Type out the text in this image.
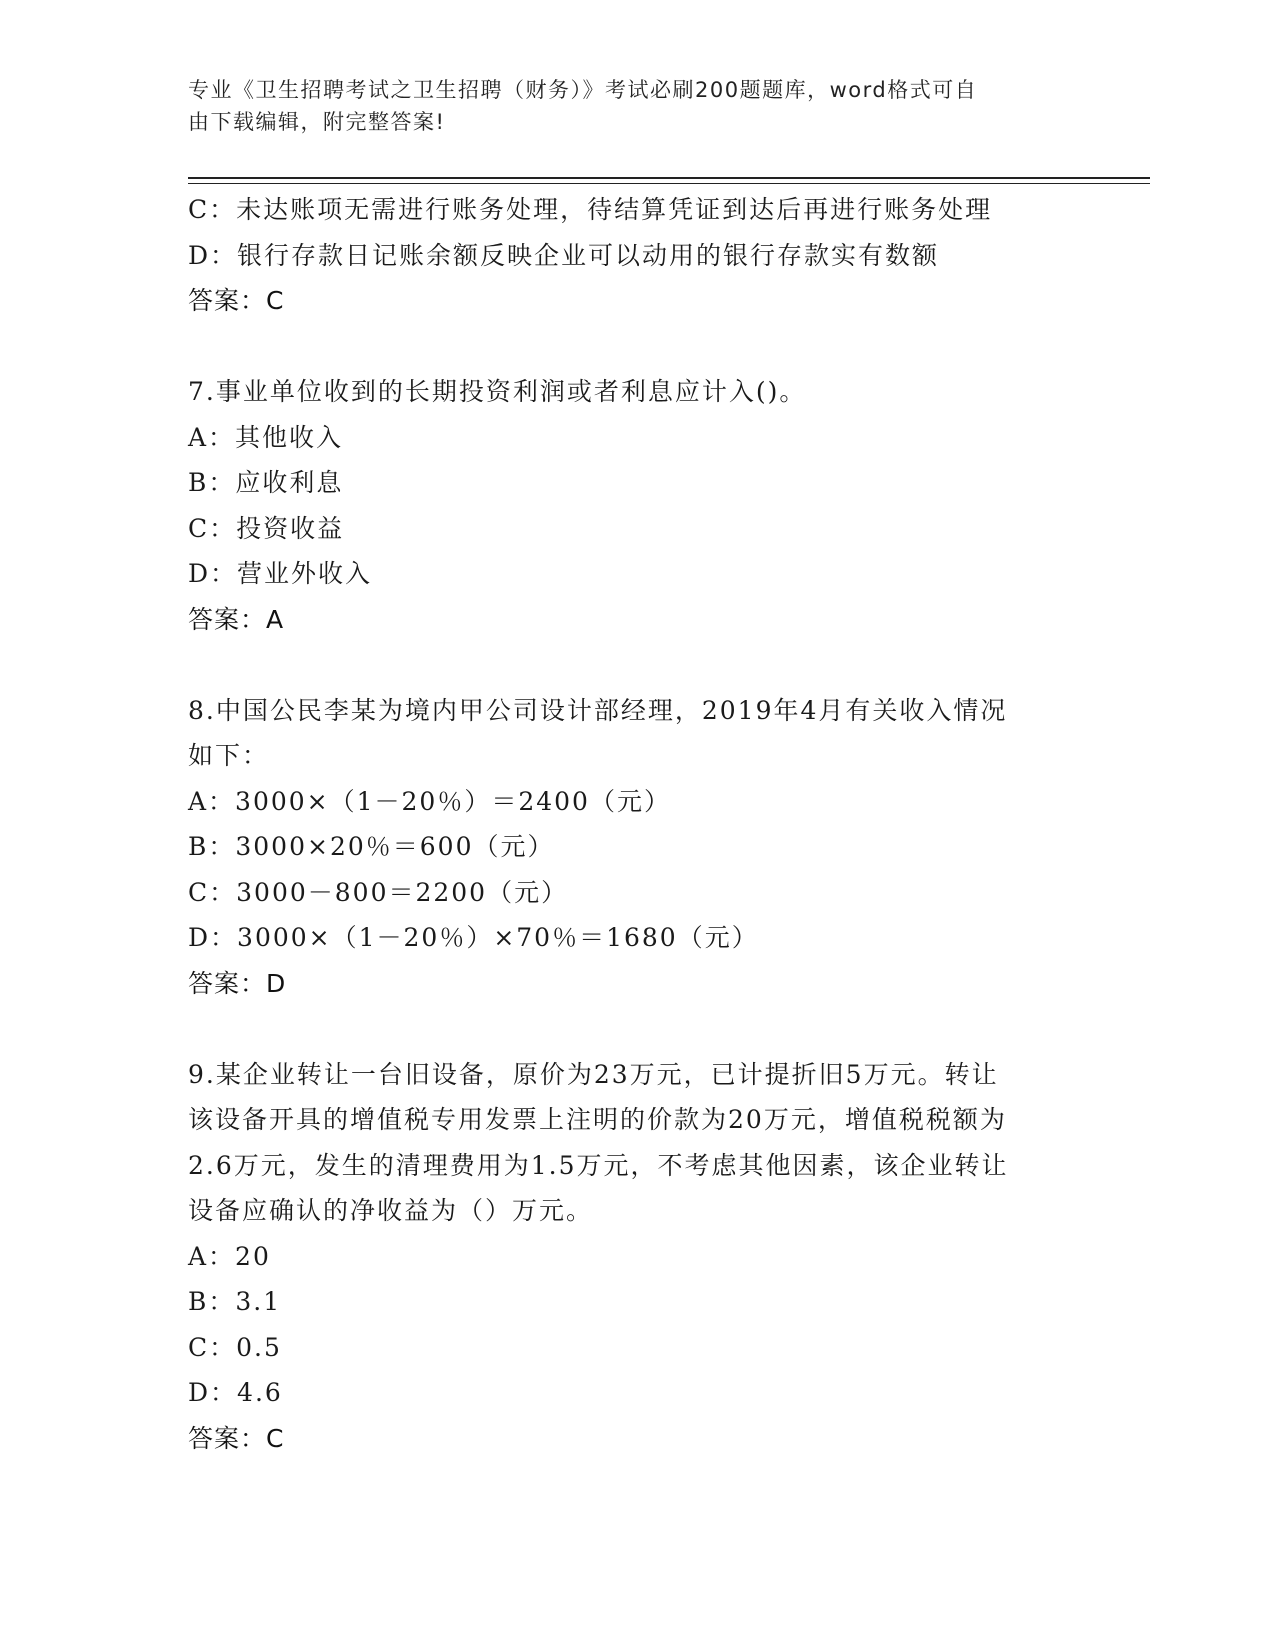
专业《卫生招聘考试之卫生招聘（财务）》考试必刷200题题库，word格式可自
由下载编辑，附完整答案!
C：未达账项无需进行账务处理，待结算凭证到达后再进行账务处理
D：银行存款日记账余额反映企业可以动用的银行存款实有数额
答案：C
7.事业单位收到的长期投资利润或者利息应计入()。
A：其他收入
B：应收利息
C：投资收益
D：营业外收入
答案：A
8.中国公民李某为境内甲公司设计部经理，2019年4月有关收入情况
如下：
A：3000×（1－20％）＝2400（元）
B：3000×20％＝600（元）
C：3000－800＝2200（元）
D：3000×（1－20％）×70％＝1680（元）
答案：D
9.某企业转让一台旧设备，原价为23万元，已计提折旧5万元。转让
该设备开具的增值税专用发票上注明的价款为20万元，增值税税额为
2.6万元，发生的清理费用为1.5万元，不考虑其他因素，该企业转让
设备应确认的净收益为（）万元。
A：20
B：3.1
C：0.5
D：4.6
答案：C
